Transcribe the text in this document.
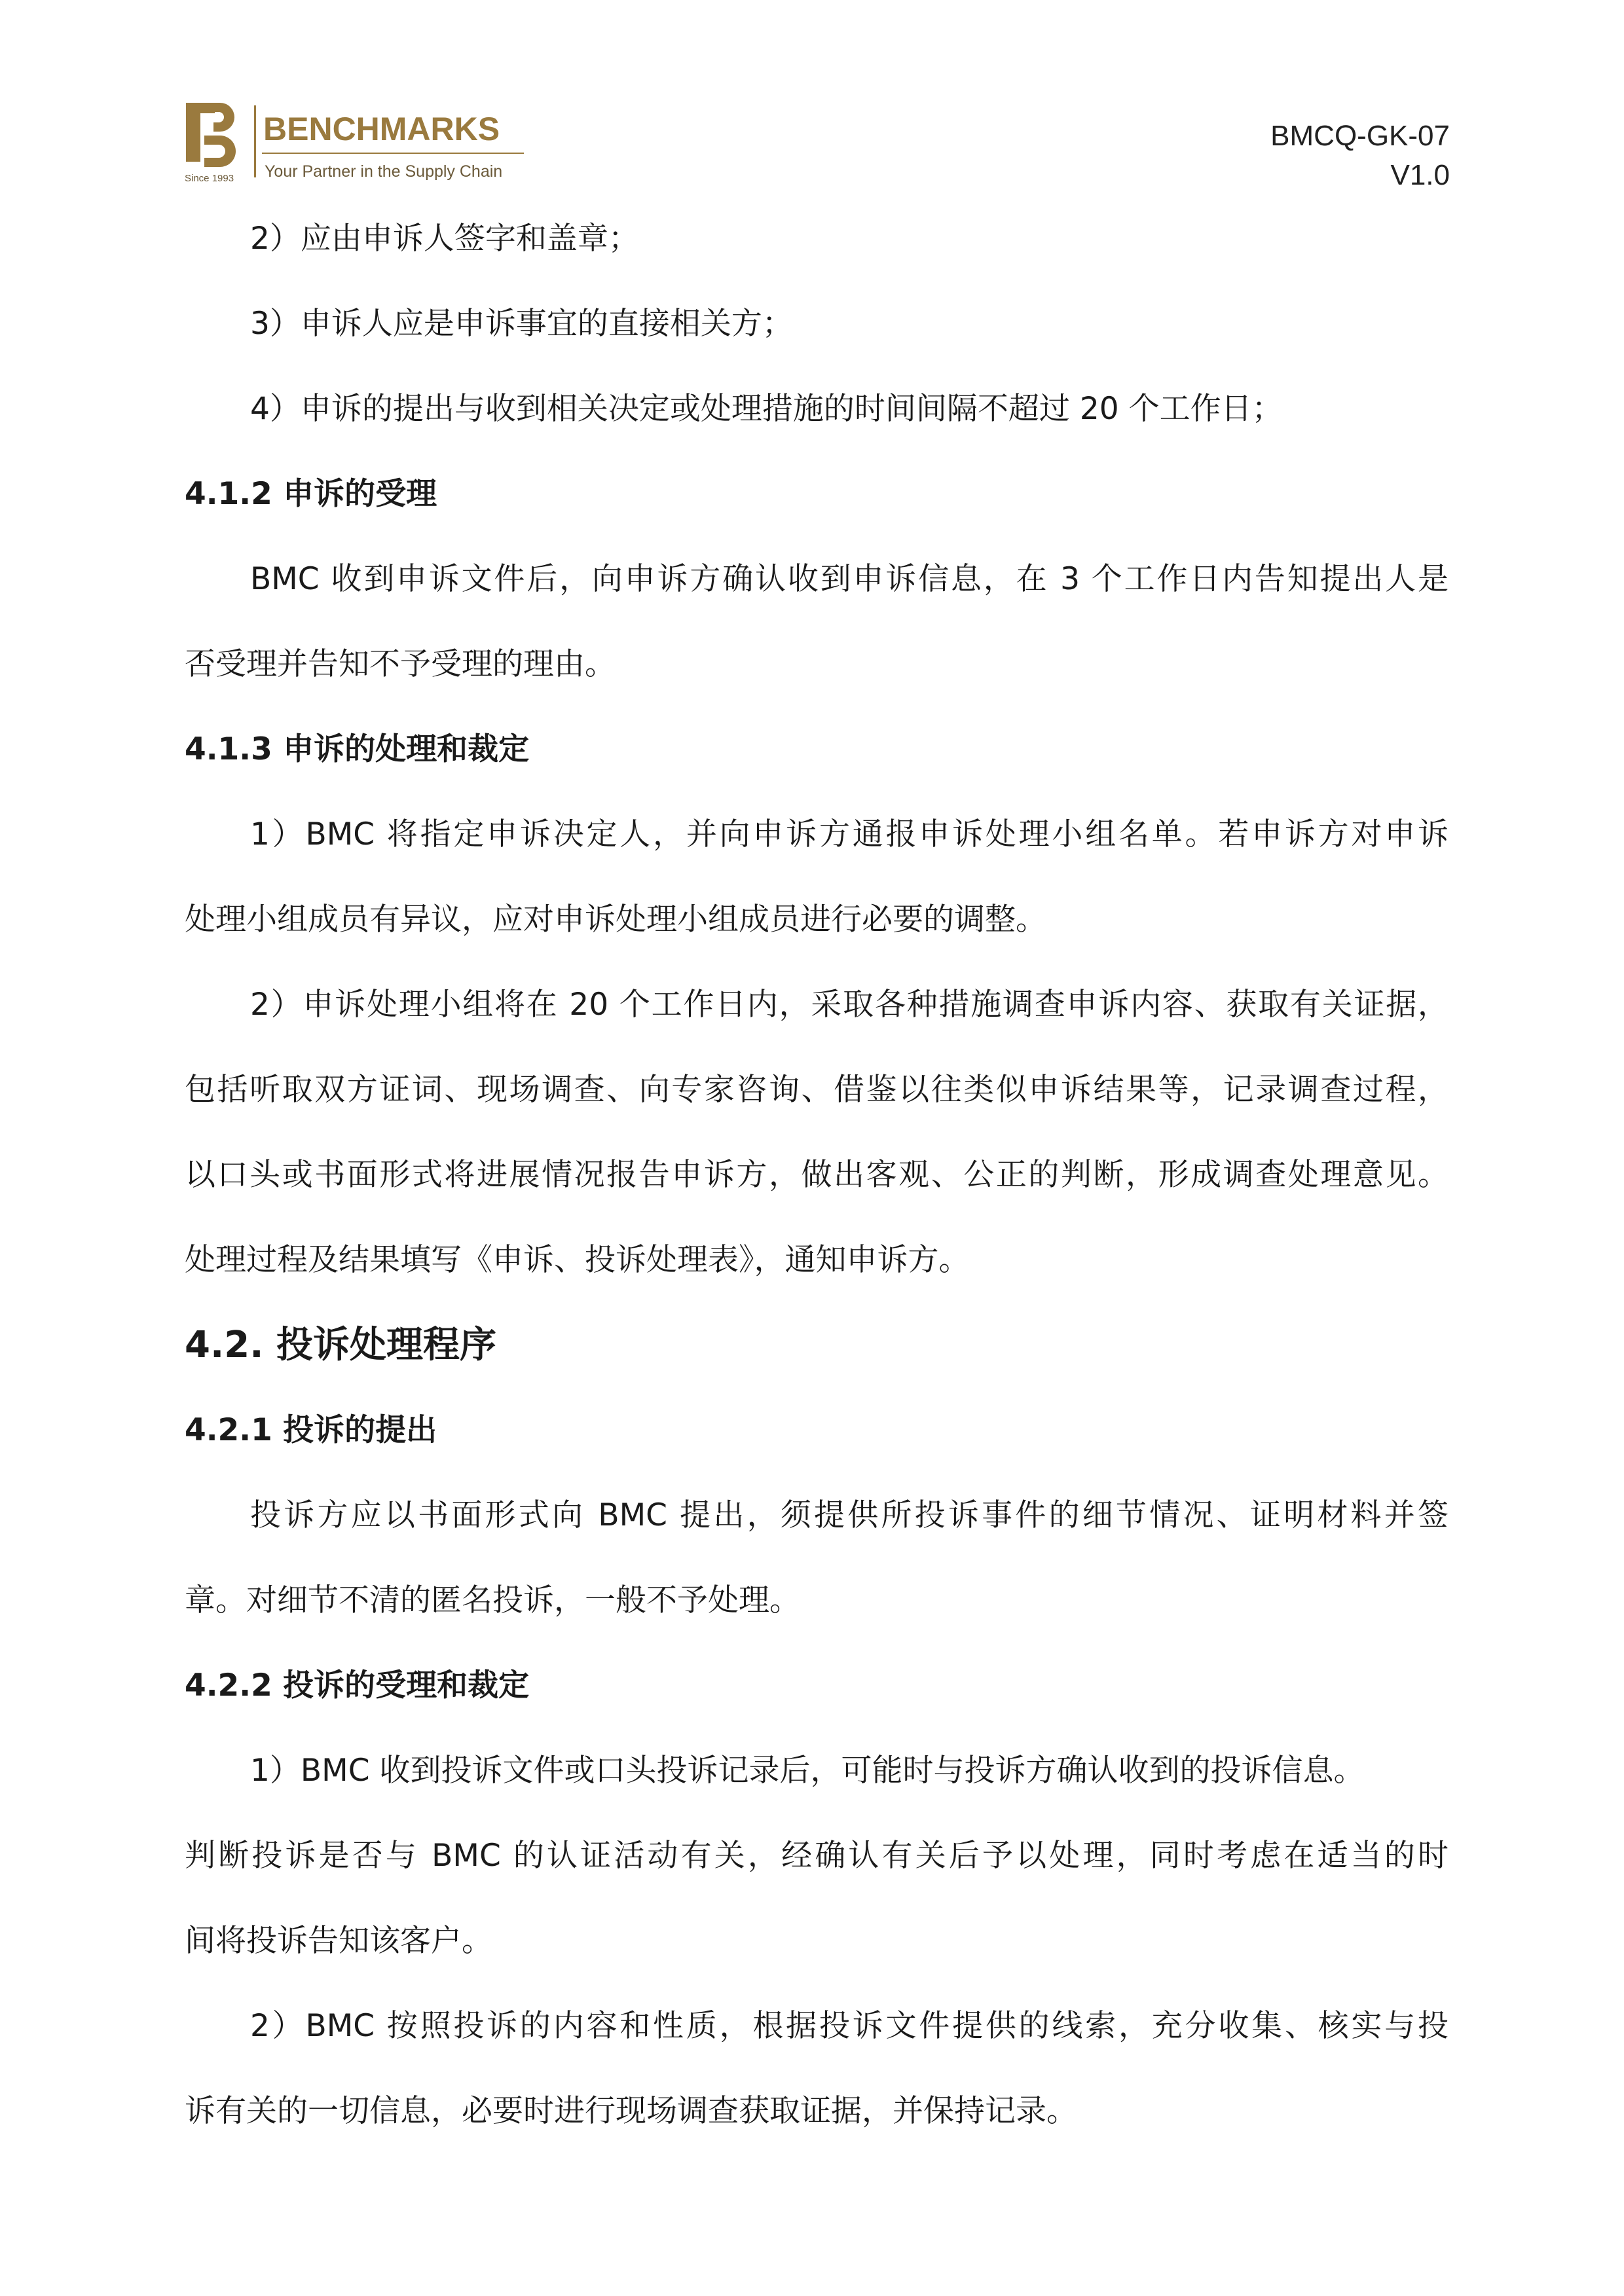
BENCHMARKS
Your Partner in the Supply Chain
Since 1993
BMCQ-GK-07
V1.0

2）应由申诉人签字和盖章；

3）申诉人应是申诉事宜的直接相关方；

4）申诉的提出与收到相关决定或处理措施的时间间隔不超过 20 个工作日；

4.1.2 申诉的受理

BMC 收到申诉文件后，向申诉方确认收到申诉信息，在 3 个工作日内告知提出人是

否受理并告知不予受理的理由。

4.1.3 申诉的处理和裁定

1）BMC 将指定申诉决定人，并向申诉方通报申诉处理小组名单。若申诉方对申诉

处理小组成员有异议，应对申诉处理小组成员进行必要的调整。

2）申诉处理小组将在 20 个工作日内，采取各种措施调查申诉内容、获取有关证据，

包括听取双方证词、现场调查、向专家咨询、借鉴以往类似申诉结果等，记录调查过程，

以口头或书面形式将进展情况报告申诉方，做出客观、公正的判断，形成调查处理意见。

处理过程及结果填写《申诉、投诉处理表》，通知申诉方。

4.2. 投诉处理程序

4.2.1 投诉的提出

投诉方应以书面形式向 BMC 提出，须提供所投诉事件的细节情况、证明材料并签

章。对细节不清的匿名投诉，一般不予处理。

4.2.2 投诉的受理和裁定

1）BMC 收到投诉文件或口头投诉记录后，可能时与投诉方确认收到的投诉信息。

判断投诉是否与 BMC 的认证活动有关，经确认有关后予以处理，同时考虑在适当的时

间将投诉告知该客户。

2）BMC 按照投诉的内容和性质，根据投诉文件提供的线索，充分收集、核实与投

诉有关的一切信息，必要时进行现场调查获取证据，并保持记录。
